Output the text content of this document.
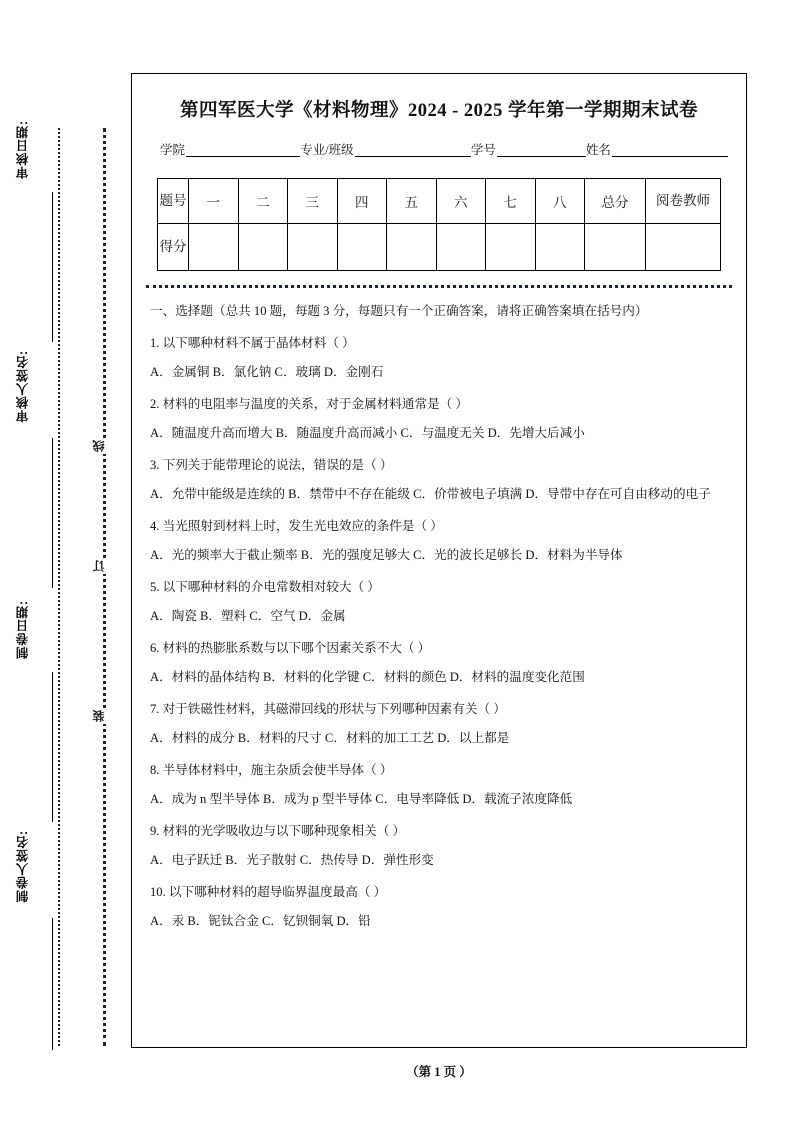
审核日期:
审核人签名:
制卷日期:
制卷人签名:
线
订
装
第四军医大学《材料物理》2024 - 2025 学年第一学期期末试卷
学院	专业/班级	学号	姓名
题号	一	二	三	四	五	六	七	八	总分	阅卷教师
得分										
一、选择题（总共 10 题，每题 3 分，每题只有一个正确答案，请将正确答案填在括号内）
1. 以下哪种材料不属于晶体材料（ ）
A．金属铜 B．氯化钠 C．玻璃 D．金刚石
2. 材料的电阻率与温度的关系，对于金属材料通常是（ ）
A．随温度升高而增大 B．随温度升高而减小 C．与温度无关 D．先增大后减小
3. 下列关于能带理论的说法，错误的是（ ）
A．允带中能级是连续的 B．禁带中不存在能级 C．价带被电子填满 D．导带中存在可自由移动的电子
4. 当光照射到材料上时，发生光电效应的条件是（ ）
A．光的频率大于截止频率 B．光的强度足够大 C．光的波长足够长 D．材料为半导体
5. 以下哪种材料的介电常数相对较大（ ）
A．陶瓷 B．塑料 C．空气 D．金属
6. 材料的热膨胀系数与以下哪个因素关系不大（ ）
A．材料的晶体结构 B．材料的化学键 C．材料的颜色 D．材料的温度变化范围
7. 对于铁磁性材料，其磁滞回线的形状与下列哪种因素有关（ ）
A．材料的成分 B．材料的尺寸 C．材料的加工工艺 D．以上都是
8. 半导体材料中，施主杂质会使半导体（ ）
A．成为 n 型半导体 B．成为 p 型半导体 C．电导率降低 D．载流子浓度降低
9. 材料的光学吸收边与以下哪种现象相关（ ）
A．电子跃迁 B．光子散射 C．热传导 D．弹性形变
10. 以下哪种材料的超导临界温度最高（ ）
A．汞 B．铌钛合金 C．钇钡铜氧 D．铅
（第 1 页 ）
